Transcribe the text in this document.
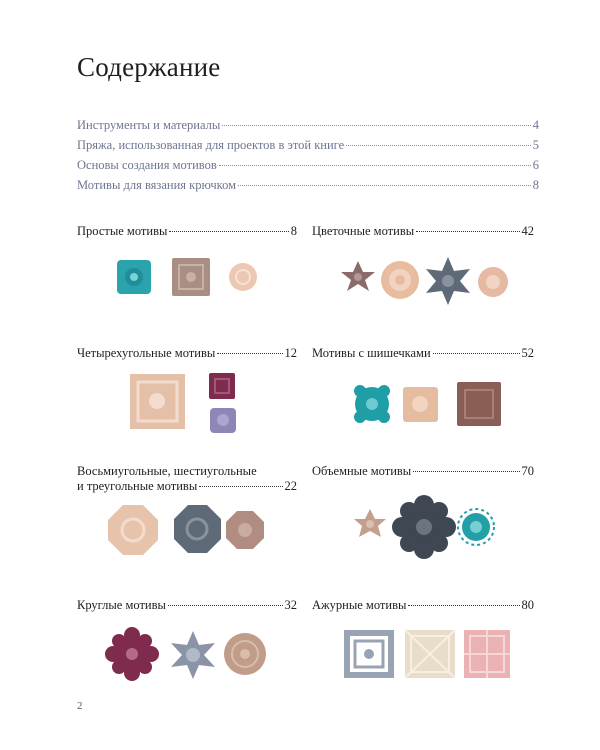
Содержание
Инструменты и материалы	4
Пряжа, использованная для проектов в этой книге	5
Основы создания мотивов	6
Мотивы для вязания крючком	8
Простые мотивы	8 Цветочные мотивы	42
Четырехугольные мотивы	12 Мотивы с шишечками	52
Восьмиугольные, шестиугольные
и треугольные мотивы	22
Объемные мотивы	70
Круглые мотивы	32 Ажурные мотивы	80
2
